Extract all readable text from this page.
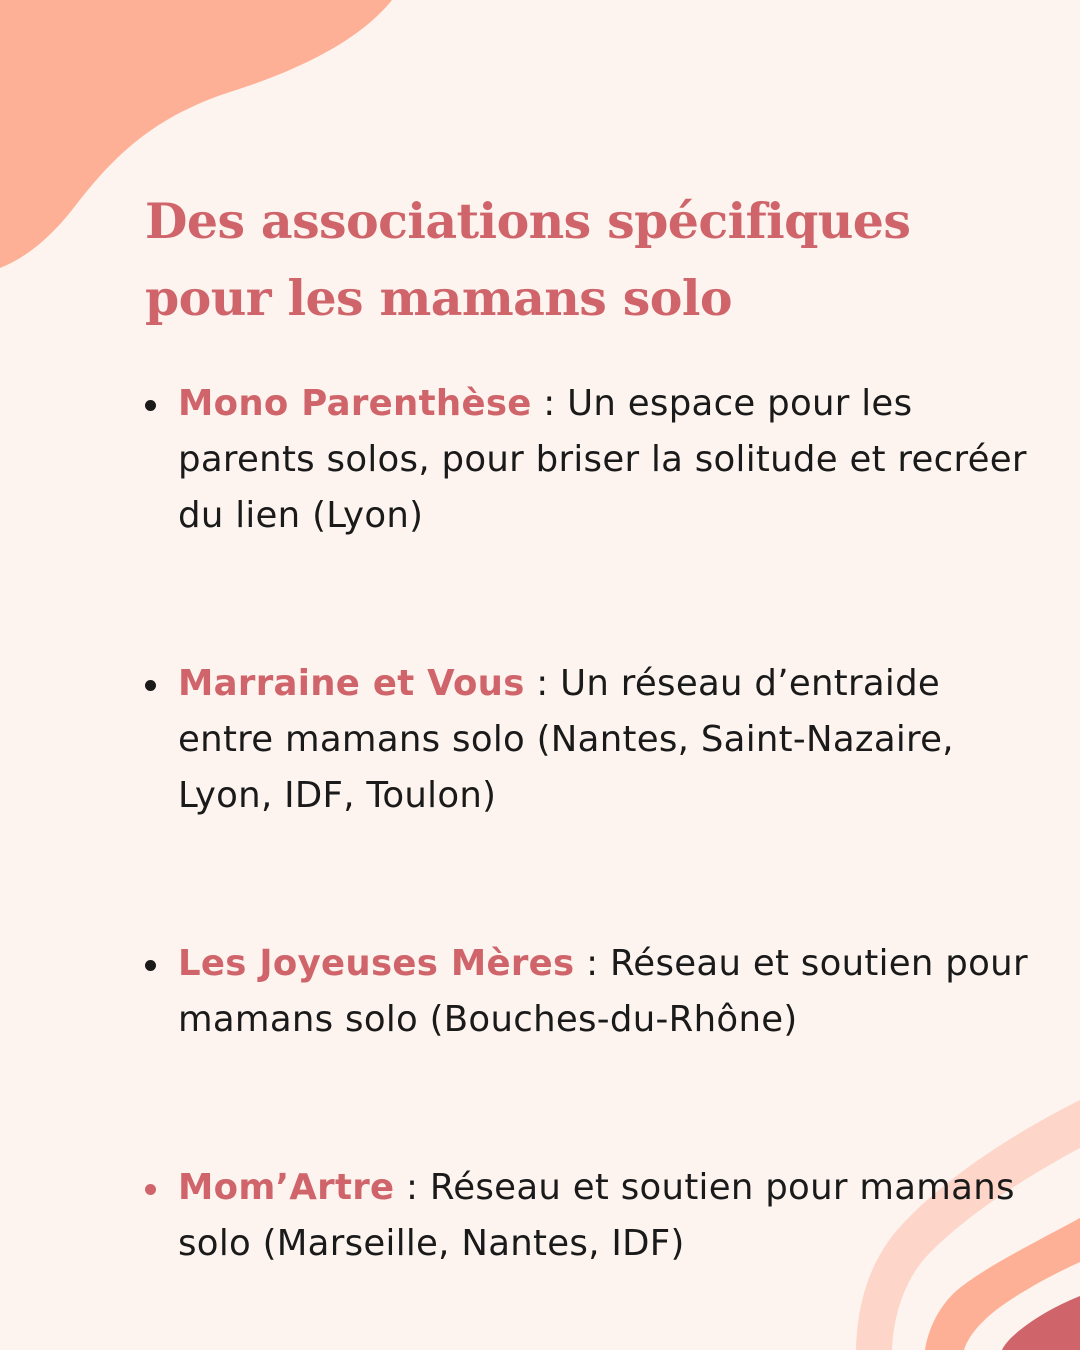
Des associations spécifiques
pour les mamans solo
Mono Parenthèse : Un espace pour les parents solos, pour briser la solitude et recréer du lien (Lyon)
Marraine et Vous : Un réseau d’entraide entre mamans solo (Nantes, Saint-Nazaire, Lyon, IDF, Toulon)
Les Joyeuses Mères : Réseau et soutien pour mamans solo (Bouches-du-Rhône)
Mom’Artre : Réseau et soutien pour mamans solo (Marseille, Nantes, IDF)
